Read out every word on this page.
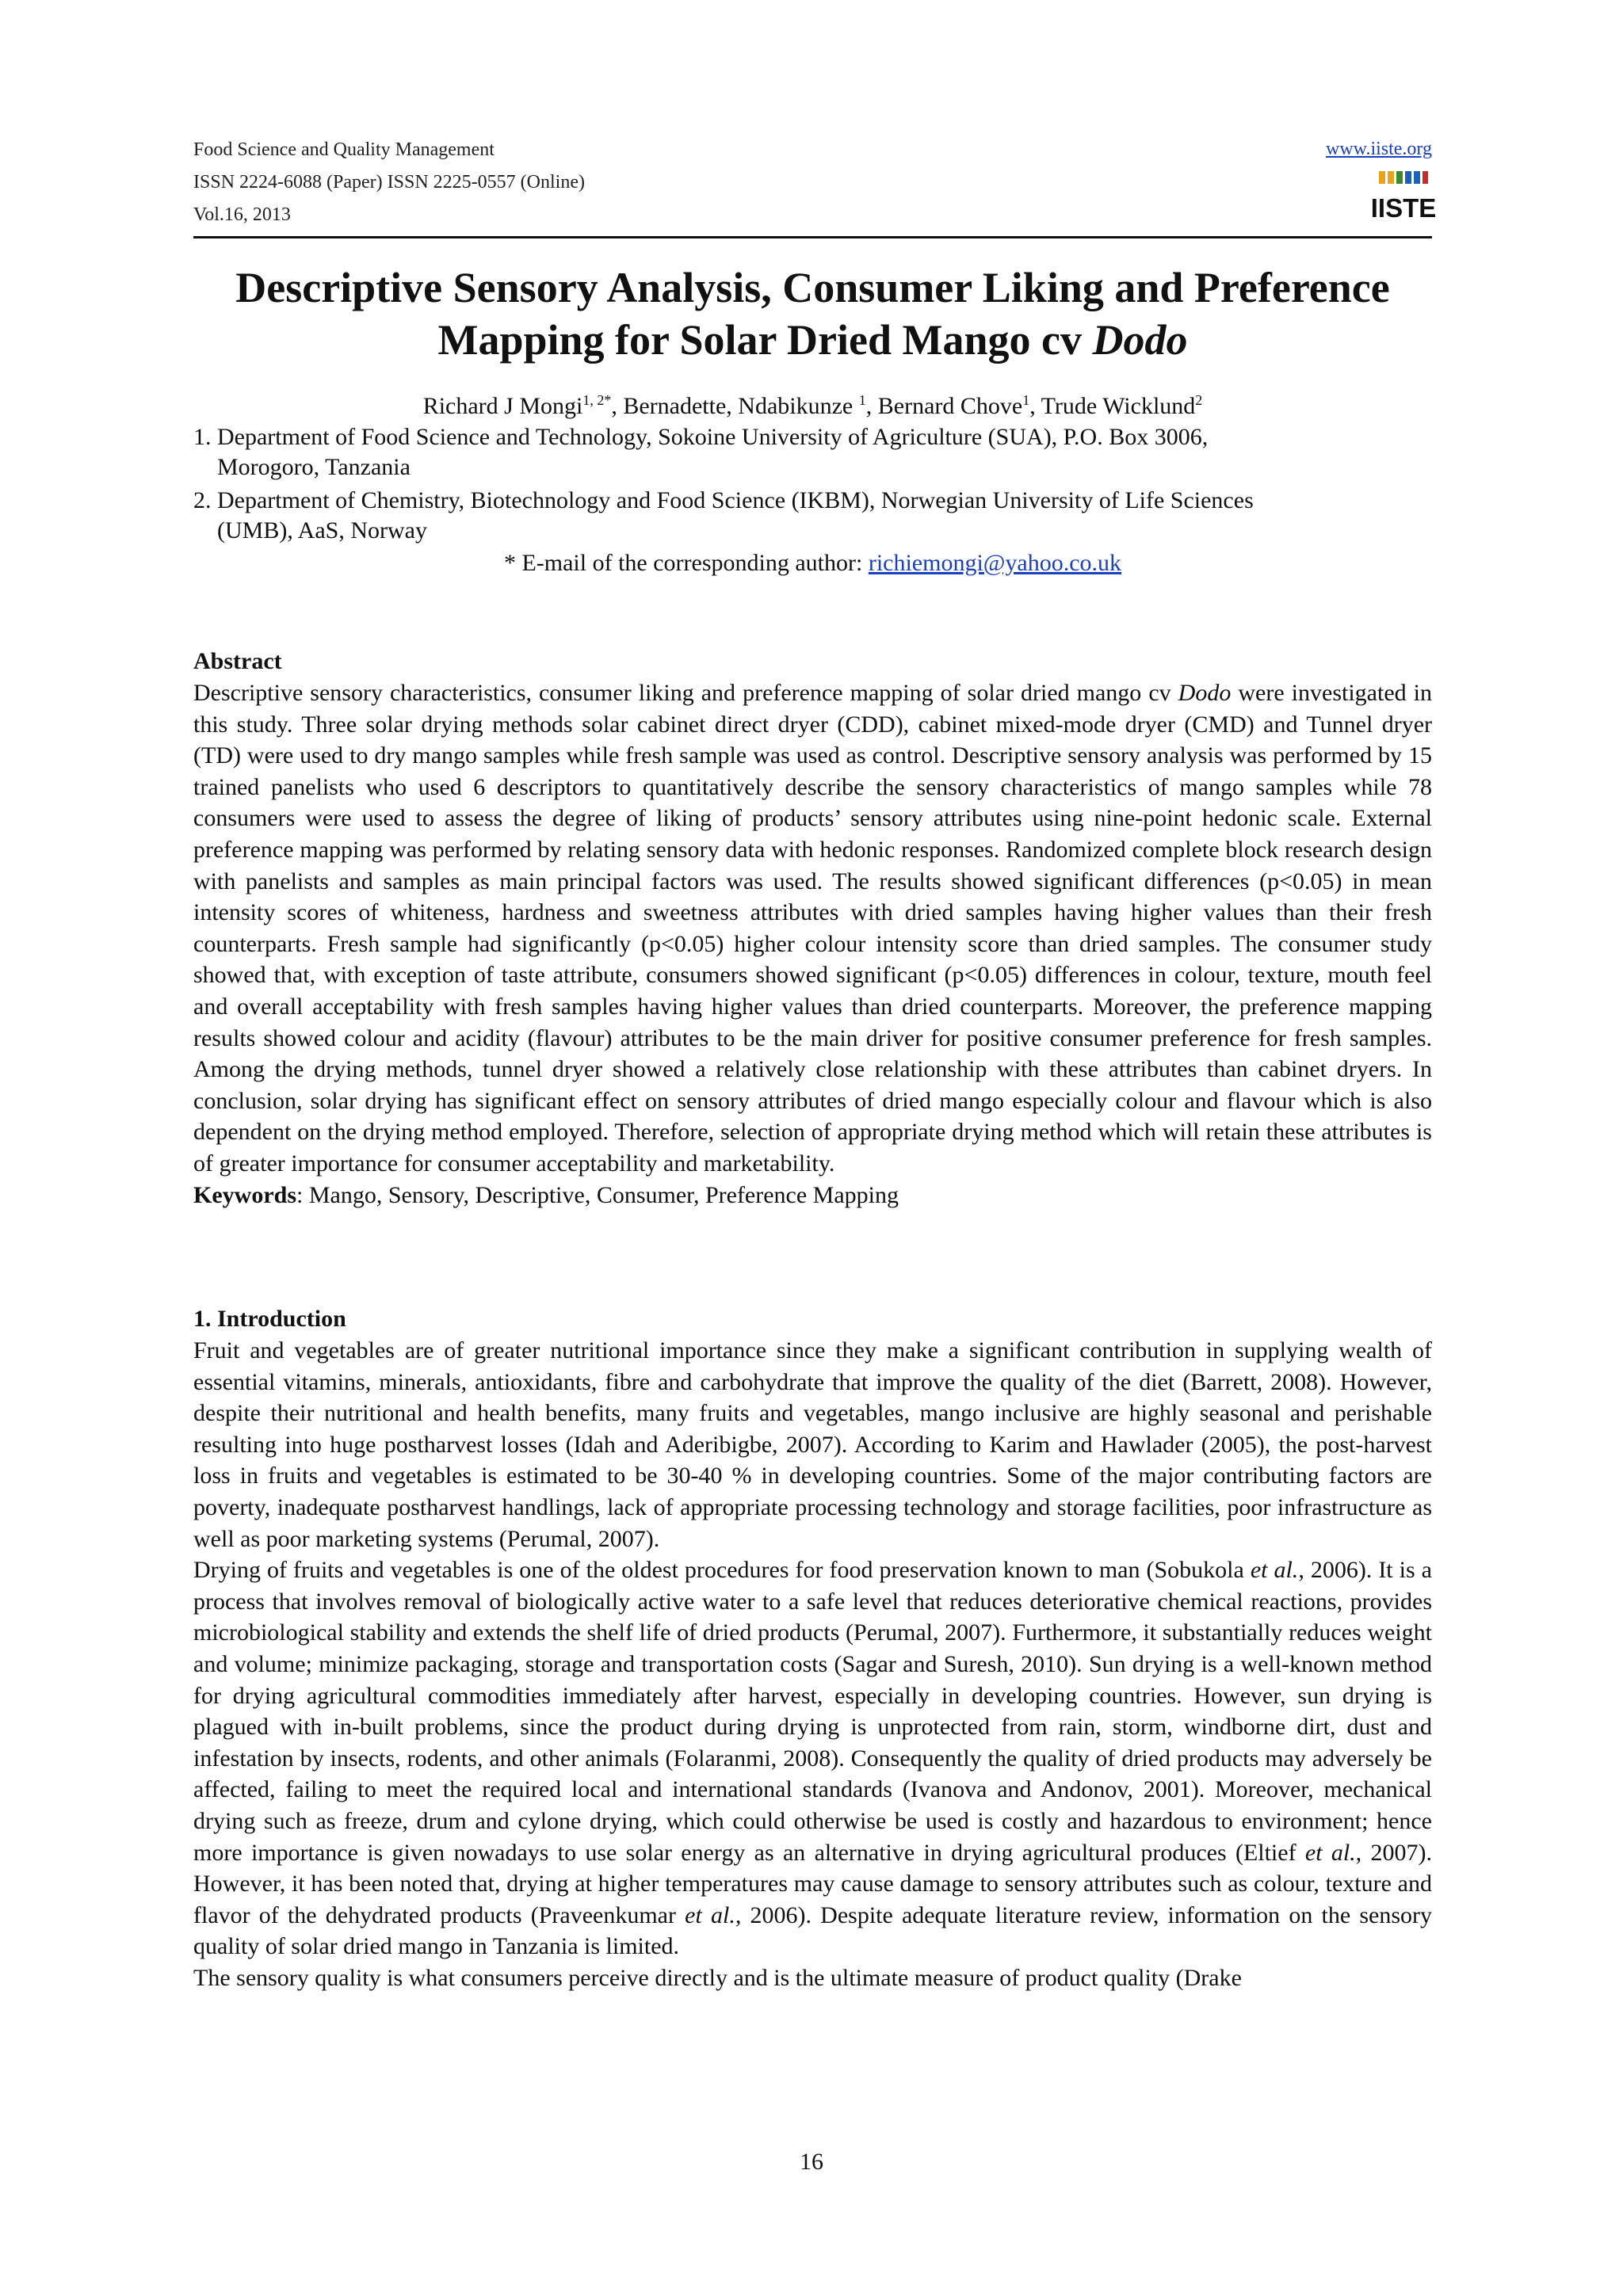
Food Science and Quality Management
ISSN 2224-6088 (Paper) ISSN 2225-0557 (Online)
Vol.16, 2013
www.iiste.org
IISTE
Descriptive Sensory Analysis, Consumer Liking and Preference
Mapping for Solar Dried Mango cv Dodo
Richard J Mongi$^{1, 2*}$, Bernadette, Ndabikunze $^1$, Bernard Chove$^1$, Trude Wicklund$^2$
1. Department of Food Science and Technology, Sokoine University of Agriculture (SUA), P.O. Box 3006,
Morogoro, Tanzania
2. Department of Chemistry, Biotechnology and Food Science (IKBM), Norwegian University of Life Sciences
(UMB), AaS, Norway
* E-mail of the corresponding author: richiemongi@yahoo.co.uk
Abstract

Descriptive sensory characteristics, consumer liking and preference mapping of solar dried mango cv Dodo were investigated in this study. Three solar drying methods solar cabinet direct dryer (CDD), cabinet mixed-mode dryer (CMD) and Tunnel dryer (TD) were used to dry mango samples while fresh sample was used as control. Descriptive sensory analysis was performed by 15 trained panelists who used 6 descriptors to quantitatively describe the sensory characteristics of mango samples while 78 consumers were used to assess the degree of liking of products’ sensory attributes using nine-point hedonic scale. External preference mapping was performed by relating sensory data with hedonic responses. Randomized complete block research design with panelists and samples as main principal factors was used. The results showed significant differences (p<0.05) in mean intensity scores of whiteness, hardness and sweetness attributes with dried samples having higher values than their fresh counterparts. Fresh sample had significantly (p<0.05) higher colour intensity score than dried samples. The consumer study showed that, with exception of taste attribute, consumers showed significant (p<0.05) differences in colour, texture, mouth feel and overall acceptability with fresh samples having higher values than dried counterparts. Moreover, the preference mapping results showed colour and acidity (flavour) attributes to be the main driver for positive consumer preference for fresh samples. Among the drying methods, tunnel dryer showed a relatively close relationship with these attributes than cabinet dryers. In conclusion, solar drying has significant effect on sensory attributes of dried mango especially colour and flavour which is also dependent on the drying method employed. Therefore, selection of appropriate drying method which will retain these attributes is of greater importance for consumer acceptability and marketability.

Keywords: Mango, Sensory, Descriptive, Consumer, Preference Mapping

1. Introduction

Fruit and vegetables are of greater nutritional importance since they make a significant contribution in supplying wealth of essential vitamins, minerals, antioxidants, fibre and carbohydrate that improve the quality of the diet (Barrett, 2008). However, despite their nutritional and health benefits, many fruits and vegetables, mango inclusive are highly seasonal and perishable resulting into huge postharvest losses (Idah and Aderibigbe, 2007). According to Karim and Hawlader (2005), the post-harvest loss in fruits and vegetables is estimated to be 30-40 % in developing countries. Some of the major contributing factors are poverty, inadequate postharvest handlings, lack of appropriate processing technology and storage facilities, poor infrastructure as well as poor marketing systems (Perumal, 2007).

Drying of fruits and vegetables is one of the oldest procedures for food preservation known to man (Sobukola et al., 2006). It is a process that involves removal of biologically active water to a safe level that reduces deteriorative chemical reactions, provides microbiological stability and extends the shelf life of dried products (Perumal, 2007). Furthermore, it substantially reduces weight and volume; minimize packaging, storage and transportation costs (Sagar and Suresh, 2010). Sun drying is a well-known method for drying agricultural commodities immediately after harvest, especially in developing countries. However, sun drying is plagued with in-built problems, since the product during drying is unprotected from rain, storm, windborne dirt, dust and infestation by insects, rodents, and other animals (Folaranmi, 2008). Consequently the quality of dried products may adversely be affected, failing to meet the required local and international standards (Ivanova and Andonov, 2001). Moreover, mechanical drying such as freeze, drum and cylone drying, which could otherwise be used is costly and hazardous to environment; hence more importance is given nowadays to use solar energy as an alternative in drying agricultural produces (Eltief et al., 2007). However, it has been noted that, drying at higher temperatures may cause damage to sensory attributes such as colour, texture and flavor of the dehydrated products (Praveenkumar et al., 2006). Despite adequate literature review, information on the sensory quality of solar dried mango in Tanzania is limited.

The sensory quality is what consumers perceive directly and is the ultimate measure of product quality (Drake

16
